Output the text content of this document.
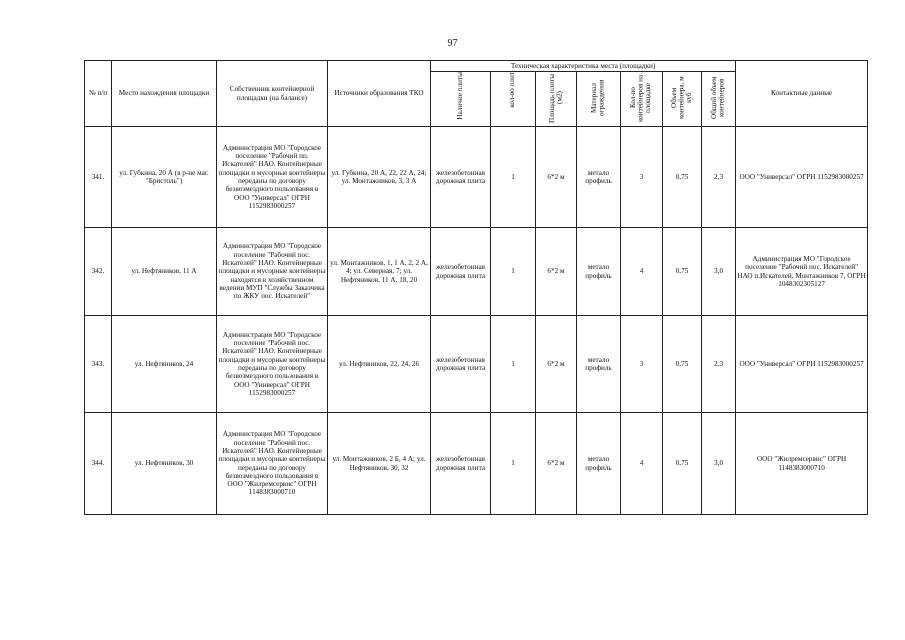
97
№ п/п	Место нахождения площадки	Собственник контейнерной площадки (на балансе)	Источники образования ТКО	Техническая характеристика места (площадки)							Контактные данные

				Наличие плиты	кол-во плит	Площадь плиты (м2)	Материал ограждения	Кол-во контейнеров на площадке	Объем контейнера, м куб	Общий объем контейнеров	

341.	ул. Губкина, 20 А (в р-не маг. "Бристоль")	Администрация МО "Городское поселение "Рабочий пп. Искателей" НАО. Контейнерные площадки и мусорные контейнеры переданы по договору безвозмездного пользования в ООО "Универсал" ОГРН 1152983000257	ул. Губкина, 20 А, 22, 22 А, 24; ул. Монтажников, 3, 3 А	железобетонная дорожная плита	1	6*2 м	метало профиль	3	0,75	2,3	ООО "Универсал" ОГРН 1152983000257
342.	ул. Нефтяников, 11 А	Администрация МО "Городское поселение "Рабочий пос. Искателей" НАО. Контейнерные площадки и мусорные контейнеры находятся в хозяйственном ведении МУП "Службы Заказчика по ЖКУ пос. Искателей"	ул. Монтажников, 1, 1 А, 2, 2 А, 4; ул. Северная, 7; ул. Нефтяников, 11 А, 18, 20	железобетонная дорожная плита	1	6*2 м	метало профиль	4	0,75	3,0	Администрация МО "Городское поселение "Рабочий пос. Искателей" НАО п.Искателей, Монтажников 7, ОГРН 1048302305127
343.	ул. Нефтяников, 24	Администрация МО "Городское поселение "Рабочий пос. Искателей" НАО. Контейнерные площадки и мусорные контейнеры переданы по договору безвозмездного пользования в ООО "Универсал" ОГРН 1152983000257	ул. Нефтяников, 22, 24, 26	железобетонная дорожная плита	1	6*2 м	метало профиль	3	0,75	2,3	ООО "Универсал" ОГРН 1152983000257
344.	ул. Нефтяников, 30	Администрация МО "Городское поселение "Рабочий пос. Искателей" НАО. Контейнерные площадки и мусорные контейнеры переданы по договору безвозмездного пользования в ООО "Жилремсервис" ОГРН 1148383000710	ул. Монтажников, 2 Б, 4 А; ул. Нефтяников, 30, 32	железобетонная дорожная плита	1	6*2 м	метало профиль	4	0,75	3,0	ООО "Жилремсервис" ОГРН 1148383000710
